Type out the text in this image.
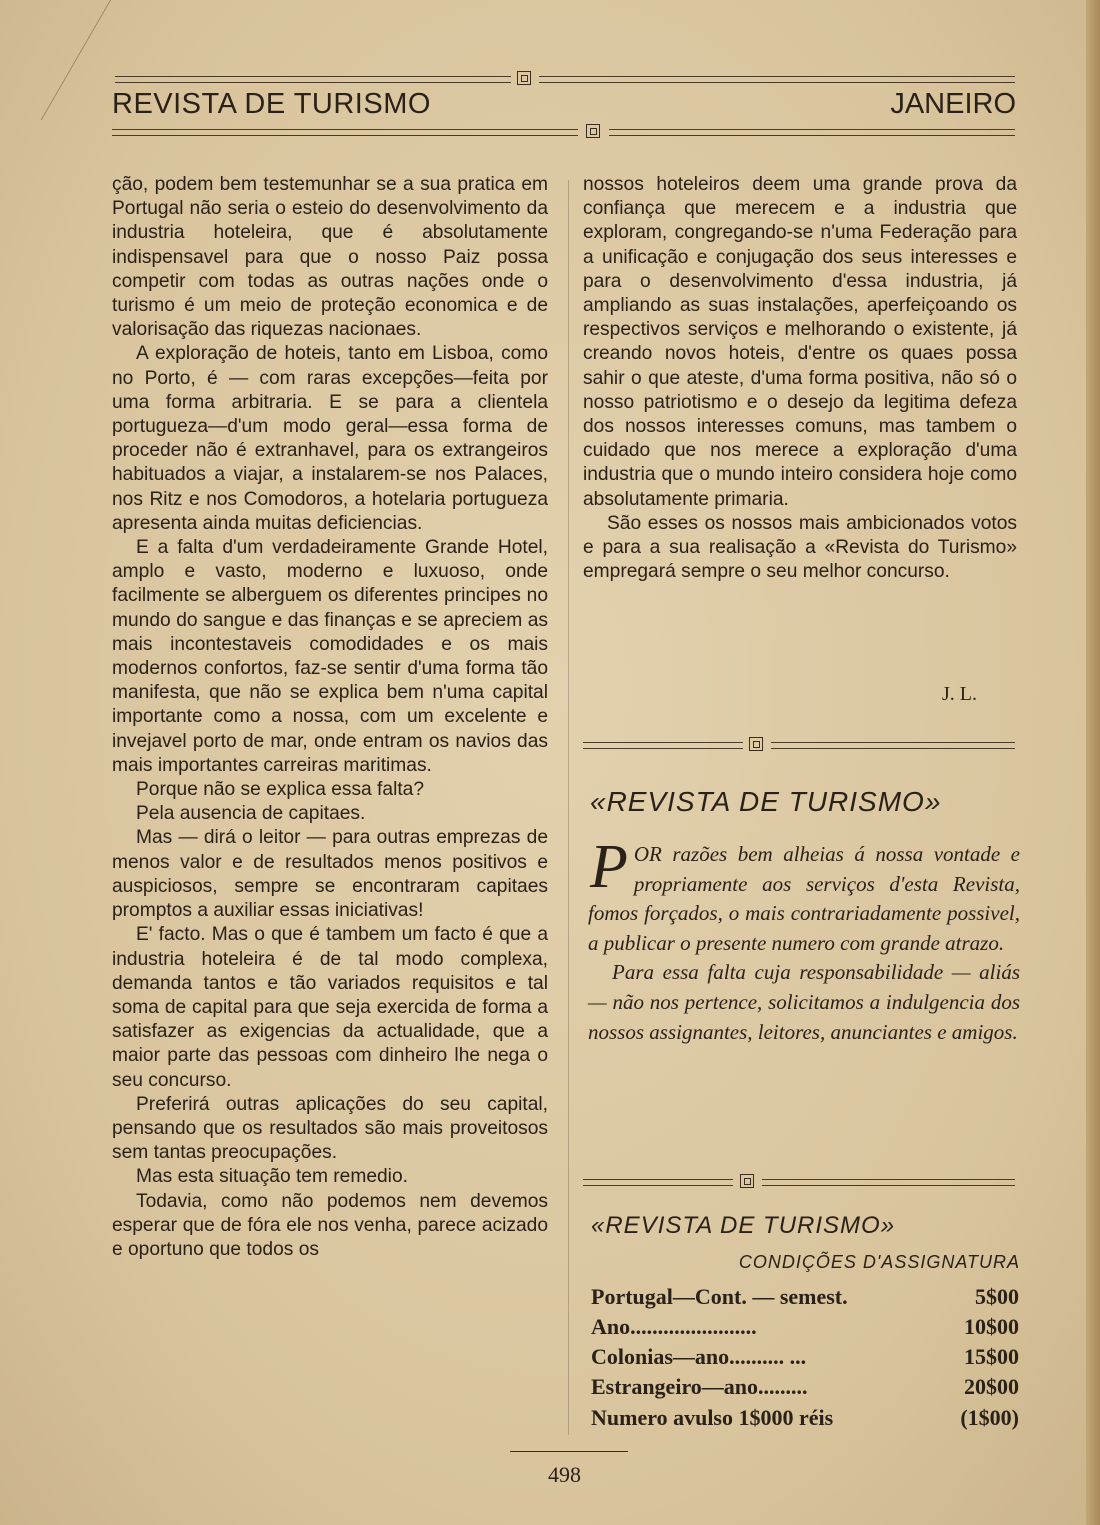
REVISTA DE TURISMO	JANEIRO

ção, podem bem testemunhar se a sua pratica em Portugal não seria o esteio do desenvolvimento da industria hoteleira, que é absolutamente indispensavel para que o nosso Paiz possa competir com todas as outras nações onde o turismo é um meio de proteção economica e de valorisação das riquezas nacionaes.

A exploração de hoteis, tanto em Lisboa, como no Porto, é — com raras excepções—feita por uma forma arbitraria. E se para a clientela portugueza—d'um modo geral—essa forma de proceder não é extranhavel, para os extrangeiros habituados a viajar, a instalarem-se nos Palaces, nos Ritz e nos Comodoros, a hotelaria portugueza apresenta ainda muitas deficiencias.

E a falta d'um verdadeiramente Grande Hotel, amplo e vasto, moderno e luxuoso, onde facilmente se alberguem os diferentes principes no mundo do sangue e das finanças e se apreciem as mais incontestaveis comodidades e os mais modernos confortos, faz-se sentir d'uma forma tão manifesta, que não se explica bem n'uma capital importante como a nossa, com um excelente e invejavel porto de mar, onde entram os navios das mais importantes carreiras maritimas.

Porque não se explica essa falta?

Pela ausencia de capitaes.

Mas — dirá o leitor — para outras emprezas de menos valor e de resultados menos positivos e auspiciosos, sempre se encontraram capitaes promptos a auxiliar essas iniciativas!

E' facto. Mas o que é tambem um facto é que a industria hoteleira é de tal modo complexa, demanda tantos e tão variados requisitos e tal soma de capital para que seja exercida de forma a satisfazer as exigencias da actualidade, que a maior parte das pessoas com dinheiro lhe nega o seu concurso.

Preferirá outras aplicações do seu capital, pensando que os resultados são mais proveitosos sem tantas preocupações.

Mas esta situação tem remedio.

Todavia, como não podemos nem devemos esperar que de fóra ele nos venha, parece acizado e oportuno que todos os

nossos hoteleiros deem uma grande prova da confiança que merecem e a industria que exploram, congregando-se n'uma Federação para a unificação e conjugação dos seus interesses e para o desenvolvimento d'essa industria, já ampliando as suas instalações, aperfeiçoando os respectivos serviços e melhorando o existente, já creando novos hoteis, d'entre os quaes possa sahir o que ateste, d'uma forma positiva, não só o nosso patriotismo e o desejo da legitima defeza dos nossos interesses comuns, mas tambem o cuidado que nos merece a exploração d'uma industria que o mundo inteiro considera hoje como absolutamente primaria.

São esses os nossos mais ambicionados votos e para a sua realisação a «Revista do Turismo» empregará sempre o seu melhor concurso.

J. L.
«REVISTA DE TURISMO»

POR razões bem alheias á nossa vontade e propriamente aos serviços d'esta Revista, fomos forçados, o mais contrariadamente possivel, a publicar o presente numero com grande atrazo.

Para essa falta cuja responsabilidade — aliás — não nos pertence, solicitamos a indulgencia dos nossos assignantes, leitores, anunciantes e amigos.

«REVISTA DE TURISMO»
CONDIÇÕES D'ASSIGNATURA
Portugal—Cont. — semest.	5$00
Ano.......................	10$00
Colonias—ano.......... ...	15$00
Estrangeiro—ano.........	20$00
Numero avulso 1$000 réis	(1$00)
498
